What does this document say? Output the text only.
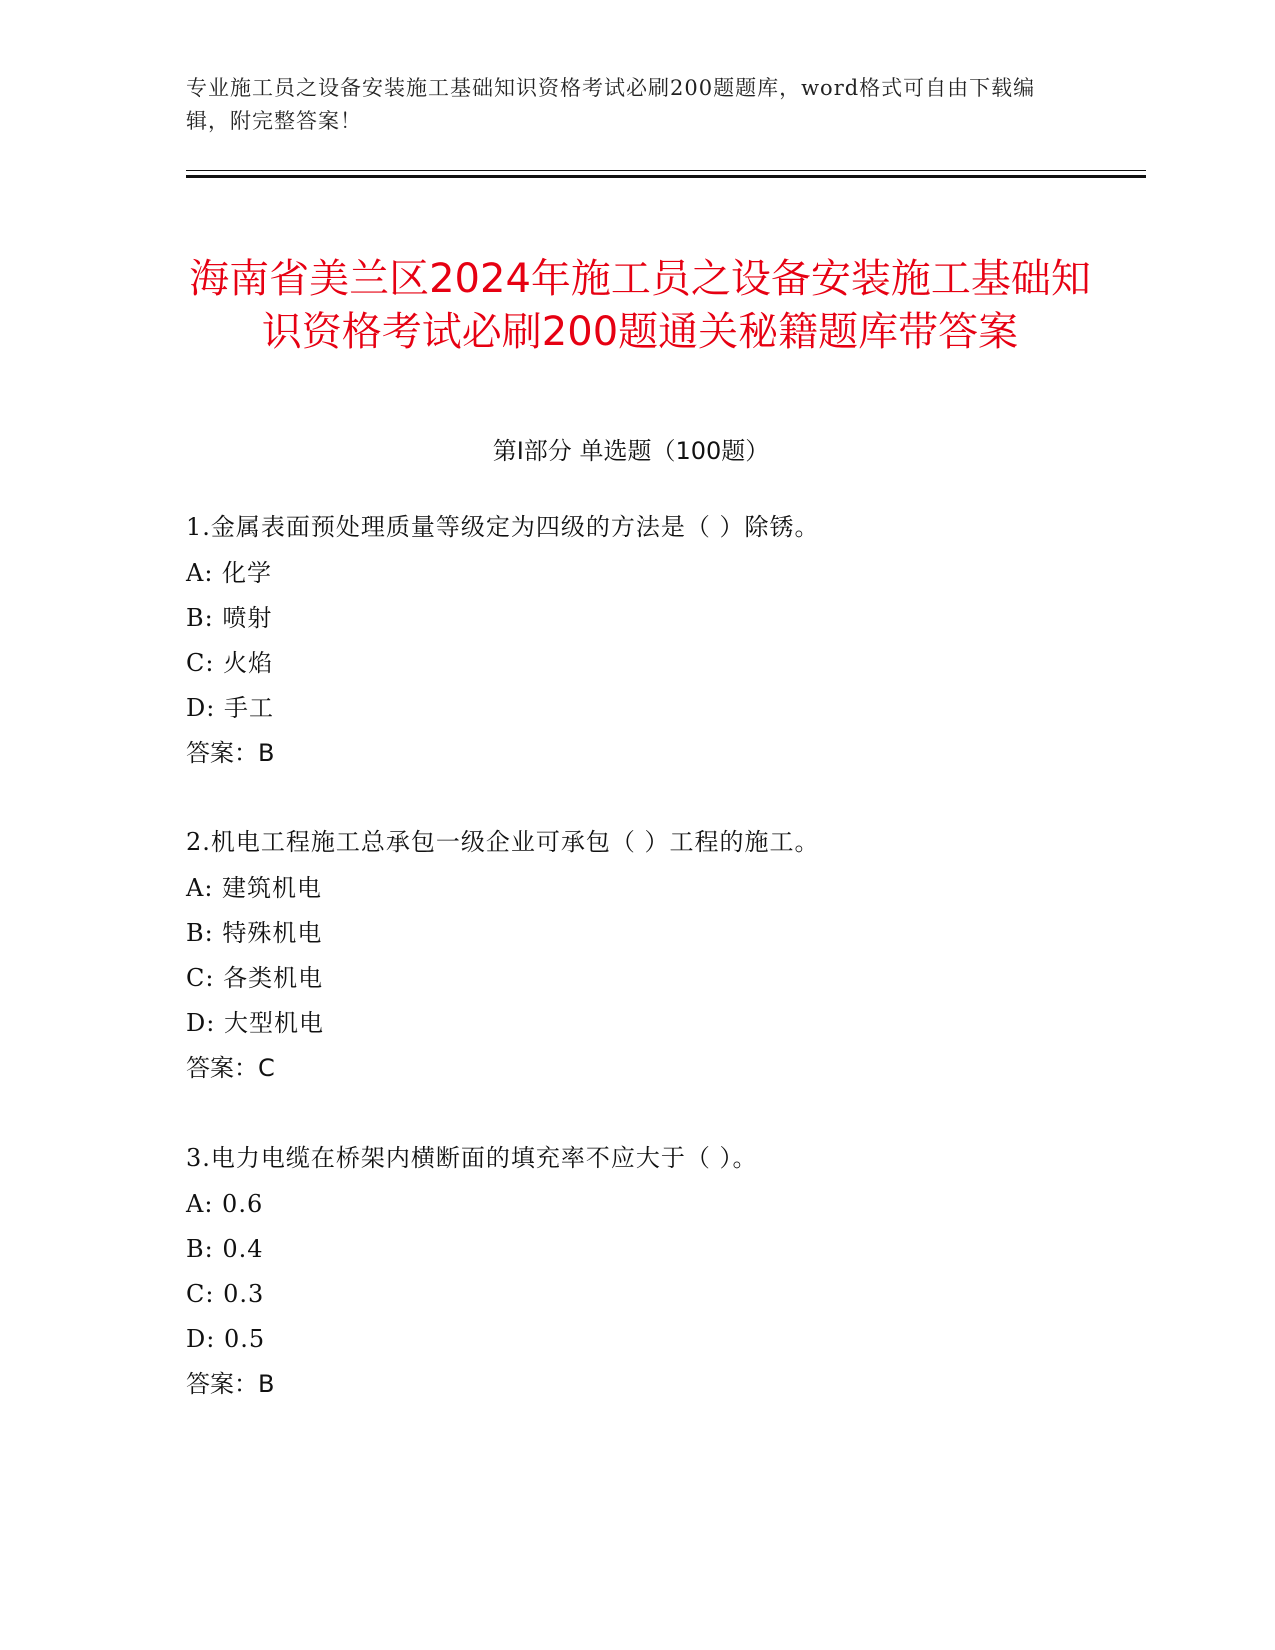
专业施工员之设备安装施工基础知识资格考试必刷200题题库，word格式可自由下载编辑，附完整答案！
海南省美兰区2024年施工员之设备安装施工基础知识资格考试必刷200题通关秘籍题库带答案
第Ⅰ部分 单选题（100题）
1.金属表面预处理质量等级定为四级的方法是（ ）除锈。
A: 化学
B: 喷射
C: 火焰
D: 手工
答案：B
2.机电工程施工总承包一级企业可承包（ ）工程的施工。
A: 建筑机电
B: 特殊机电
C: 各类机电
D: 大型机电
答案：C
3.电力电缆在桥架内横断面的填充率不应大于（ ）。
A: 0.6
B: 0.4
C: 0.3
D: 0.5
答案：B
